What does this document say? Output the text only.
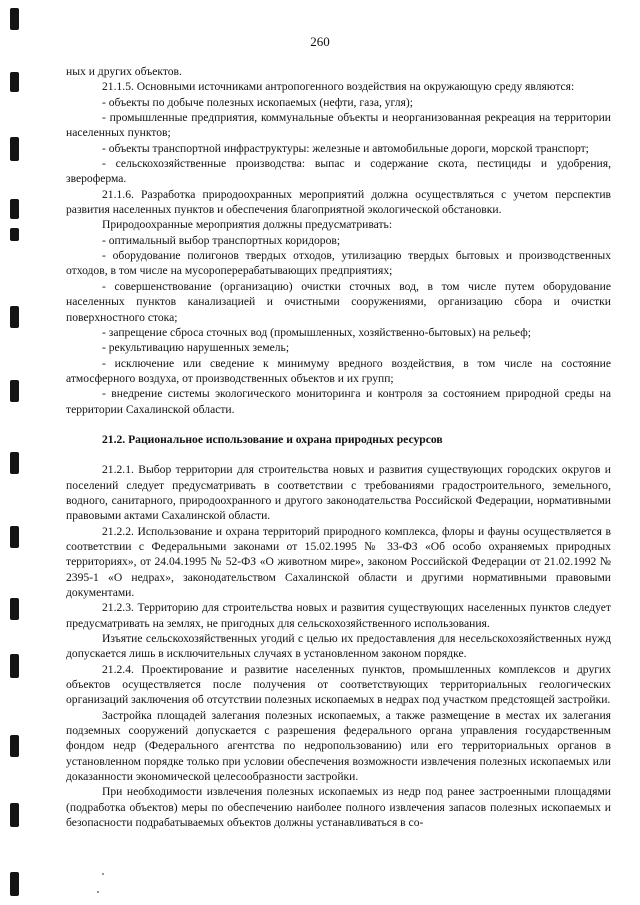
260

ных и других объектов.

21.1.5. Основными источниками антропогенного воздействия на окружающую среду являются:

- объекты по добыче полезных ископаемых (нефти, газа, угля);

- промышленные предприятия, коммунальные объекты и неорганизованная рекреация на территории населенных пунктов;

- объекты транспортной инфраструктуры: железные и автомобильные дороги, морской транспорт;

- сельскохозяйственные производства: выпас и содержание скота, пестициды и удобрения, звероферма.

21.1.6. Разработка природоохранных мероприятий должна осуществляться с учетом перспектив развития населенных пунктов и обеспечения благоприятной экологической обстановки.

Природоохранные мероприятия должны предусматривать:

- оптимальный выбор транспортных коридоров;

- оборудование полигонов твердых отходов, утилизацию твердых бытовых и производственных отходов, в том числе на мусороперерабатывающих предприятиях;

- совершенствование (организацию) очистки сточных вод, в том числе путем оборудование населенных пунктов канализацией и очистными сооружениями, организацию сбора и очистки поверхностного стока;

- запрещение сброса сточных вод (промышленных, хозяйственно-бытовых) на рельеф;

- рекультивацию нарушенных земель;

- исключение или сведение к минимуму вредного воздействия, в том числе на состояние атмосферного воздуха, от производственных объектов и их групп;

- внедрение системы экологического мониторинга и контроля за состоянием природной среды на территории Сахалинской области.

21.2. Рациональное использование и охрана природных ресурсов

21.2.1. Выбор территории для строительства новых и развития существующих городских округов и поселений следует предусматривать в соответствии с требованиями градостроительного, земельного, водного, санитарного, природоохранного и другого законодательства Российской Федерации, нормативными правовыми актами Сахалинской области.

21.2.2. Использование и охрана территорий природного комплекса, флоры и фауны осуществляется в соответствии с Федеральными законами от 15.02.1995 № 33-ФЗ «Об особо охраняемых природных территориях», от 24.04.1995 № 52-ФЗ «О животном мире», законом Российской Федерации от 21.02.1992 № 2395-1 «О недрах», законодательством Сахалинской области и другими нормативными правовыми документами.

21.2.3. Территорию для строительства новых и развития существующих населенных пунктов следует предусматривать на землях, не пригодных для сельскохозяйственного использования.

Изъятие сельскохозяйственных угодий с целью их предоставления для несельскохозяйственных нужд допускается лишь в исключительных случаях в установленном законом порядке.

21.2.4. Проектирование и развитие населенных пунктов, промышленных комплексов и других объектов осуществляется после получения от соответствующих территориальных геологических организаций заключения об отсутствии полезных ископаемых в недрах под участком предстоящей застройки.

Застройка площадей залегания полезных ископаемых, а также размещение в местах их залегания подземных сооружений допускается с разрешения федерального органа управления государственным фондом недр (Федерального агентства по недропользованию) или его территориальных органов в установленном порядке только при условии обеспечения возможности извлечения полезных ископаемых или доказанности экономической целесообразности застройки.

При необходимости извлечения полезных ископаемых из недр под ранее застроенными площадями (подработка объектов) меры по обеспечению наиболее полного извлечения запасов полезных ископаемых и безопасности подрабатываемых объектов должны устанавливаться в со-
